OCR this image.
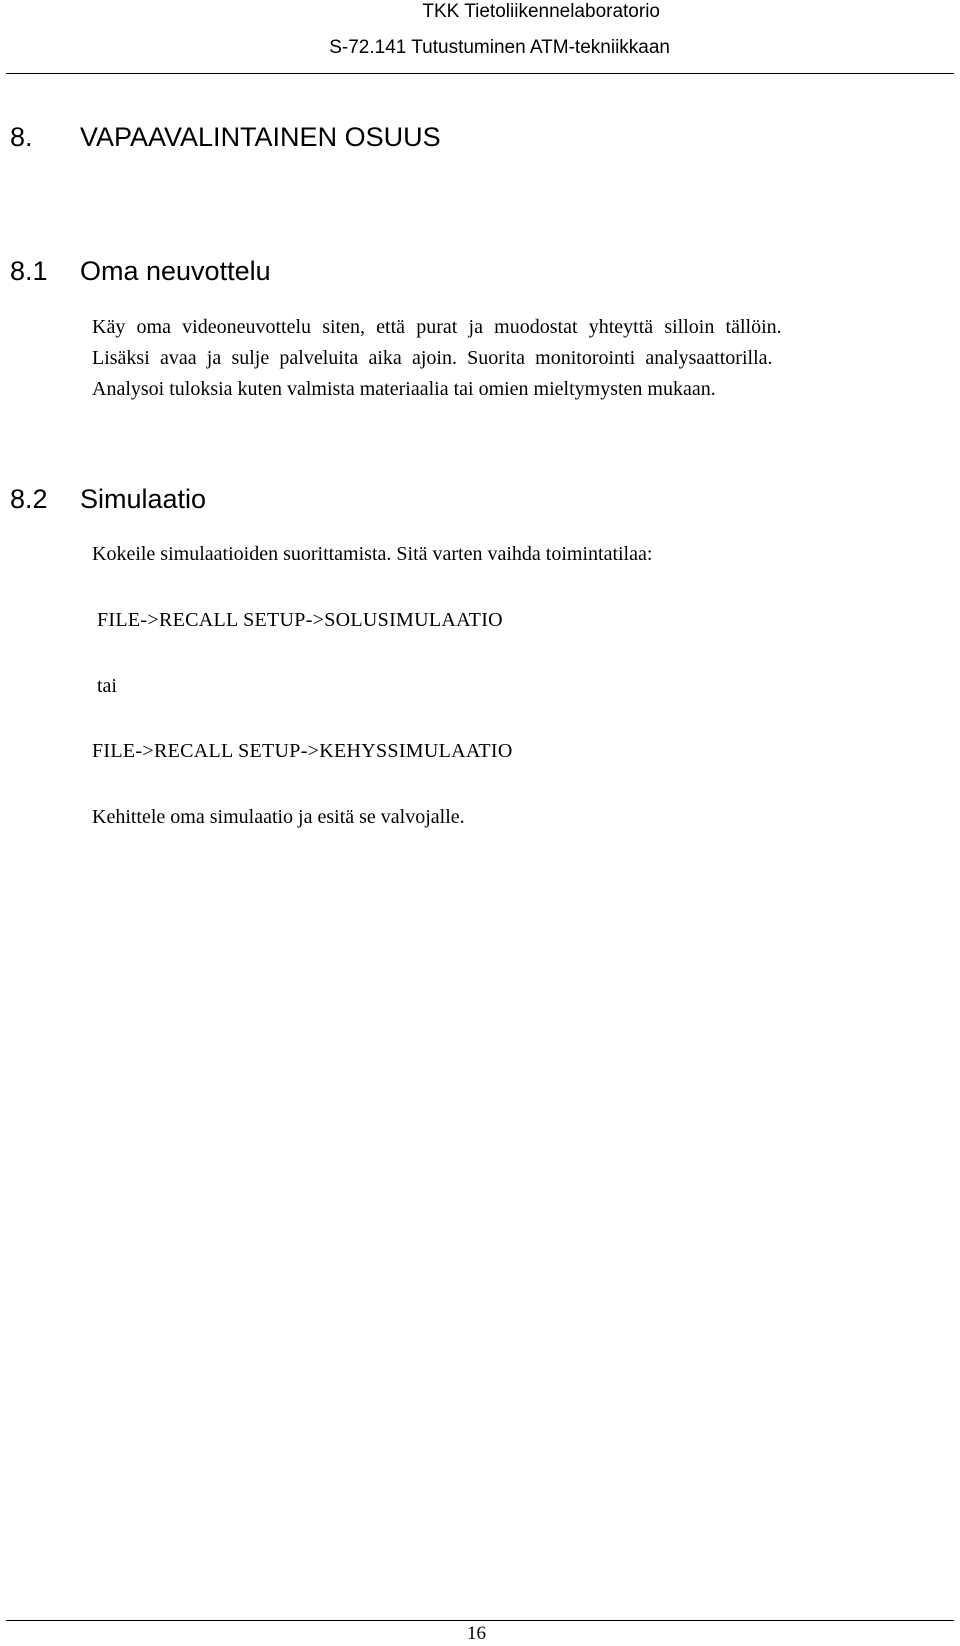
TKK Tietoliikennelaboratorio
S-72.141 Tutustuminen ATM-tekniikkaan
8. VAPAAVALINTAINEN OSUUS
8.1 Oma neuvottelu
Käy oma videoneuvottelu siten, että purat ja muodostat yhteyttä silloin tällöin.
Lisäksi avaa ja sulje palveluita aika ajoin. Suorita monitorointi analysaattorilla.
Analysoi tuloksia kuten valmista materiaalia tai omien mieltymysten mukaan.
8.2 Simulaatio
Kokeile simulaatioiden suorittamista. Sitä varten vaihda toimintatilaa:
FILE->RECALL SETUP->SOLUSIMULAATIO
tai
FILE->RECALL SETUP->KEHYSSIMULAATIO
Kehittele oma simulaatio ja esitä se valvojalle.
16
